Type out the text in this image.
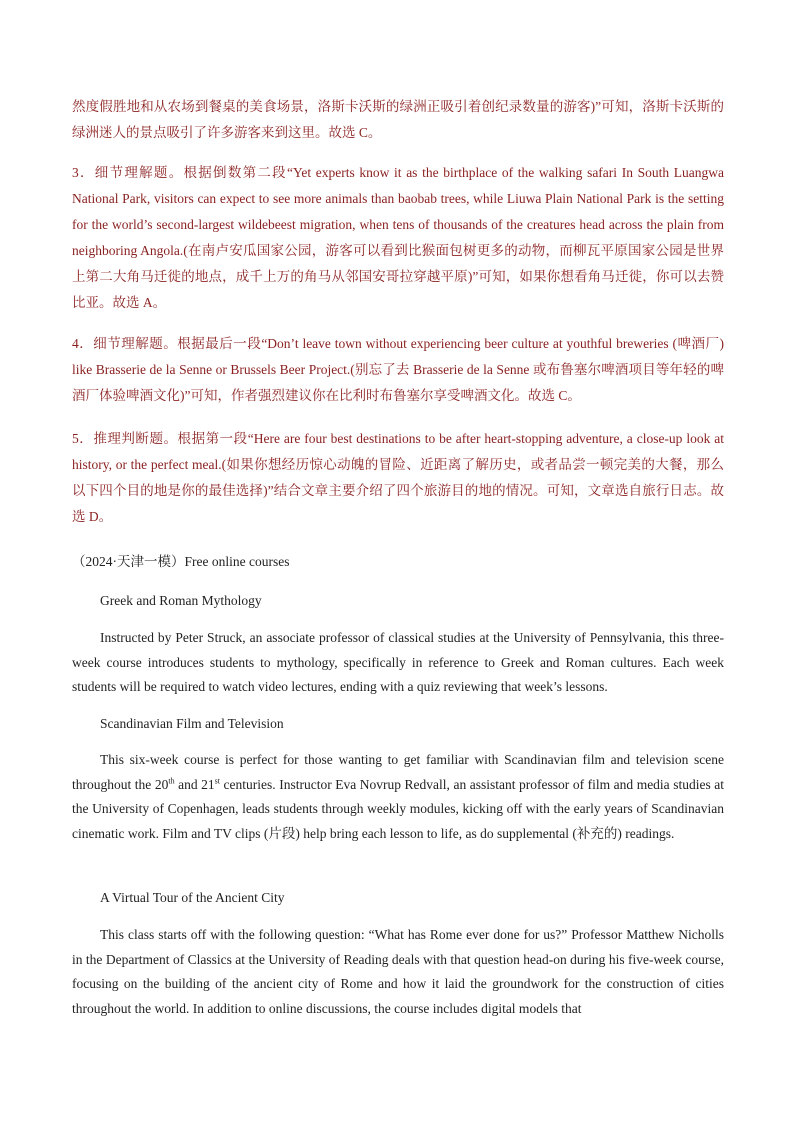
然度假胜地和从农场到餐桌的美食场景，洛斯卡沃斯的绿洲正吸引着创纪录数量的游客)”可知，洛斯卡沃斯的绿洲迷人的景点吸引了许多游客来到这里。故选 C。

3．细节理解题。根据倒数第二段“Yet experts know it as the birthplace of the walking safari In South Luangwa National Park, visitors can expect to see more animals than baobab trees, while Liuwa Plain National Park is the setting for the world’s second-largest wildebeest migration, when tens of thousands of the creatures head across the plain from neighboring Angola.(在南卢安瓜国家公园，游客可以看到比猴面包树更多的动物，而柳瓦平原国家公园是世界上第二大角马迁徙的地点，成千上万的角马从邻国安哥拉穿越平原)”可知，如果你想看角马迁徙，你可以去赞比亚。故选 A。

4．细节理解题。根据最后一段“Don’t leave town without experiencing beer culture at youthful breweries (啤酒厂) like Brasserie de la Senne or Brussels Beer Project.(别忘了去 Brasserie de la Senne 或布鲁塞尔啤酒项目等年轻的啤酒厂体验啤酒文化)”可知，作者强烈建议你在比利时布鲁塞尔享受啤酒文化。故选 C。

5．推理判断题。根据第一段“Here are four best destinations to be after heart-stopping adventure, a close-up look at history, or the perfect meal.(如果你想经历惊心动魄的冒险、近距离了解历史，或者品尝一顿完美的大餐，那么以下四个目的地是你的最佳选择)”结合文章主要介绍了四个旅游目的地的情况。可知，文章选自旅行日志。故选 D。

（2024·天津一模）Free online courses

Greek and Roman Mythology

Instructed by Peter Struck, an associate professor of classical studies at the University of Pennsylvania, this three-week course introduces students to mythology, specifically in reference to Greek and Roman cultures. Each week students will be required to watch video lectures, ending with a quiz reviewing that week’s lessons.

Scandinavian Film and Television

This six-week course is perfect for those wanting to get familiar with Scandinavian film and television scene throughout the 20th and 21st centuries. Instructor Eva Novrup Redvall, an assistant professor of film and media studies at the University of Copenhagen, leads students through weekly modules, kicking off with the early years of Scandinavian cinematic work. Film and TV clips (片段) help bring each lesson to life, as do supplemental (补充的) readings.

A Virtual Tour of the Ancient City

This class starts off with the following question: “What has Rome ever done for us?” Professor Matthew Nicholls in the Department of Classics at the University of Reading deals with that question head-on during his five-week course, focusing on the building of the ancient city of Rome and how it laid the groundwork for the construction of cities throughout the world. In addition to online discussions, the course includes digital models that
